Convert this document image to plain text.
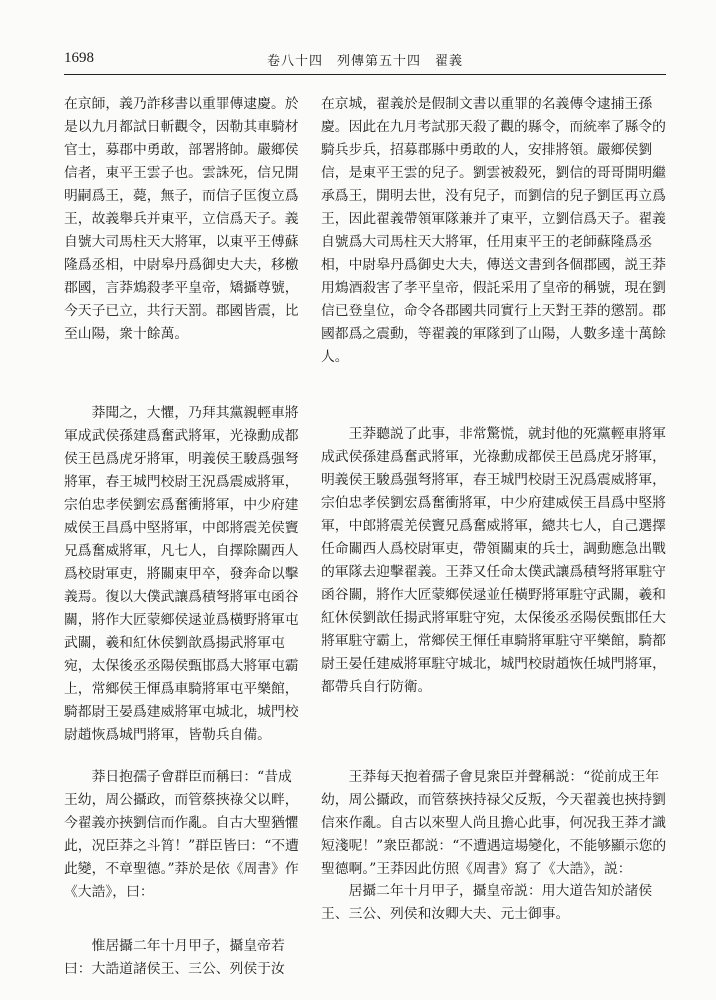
1698	卷八十四　列傳第五十四　翟義

在京師，義乃詐移書以重罪傳逮慶。於是以九月都試日斬觀令，因勒其車騎材官士，募郡中勇敢，部署將帥。嚴鄉侯信者，東平王雲子也。雲誅死，信兄開明嗣爲王，薨，無子，而信子匡復立爲王，故義舉兵并東平，立信爲天子。義自號大司馬柱天大將軍，以東平王傅蘇隆爲丞相，中尉皋丹爲御史大夫，移檄郡國，言莽鴆殺孝平皇帝，矯攝尊號，今天子已立，共行天罰。郡國皆震，比至山陽，衆十餘萬。

莽聞之，大懼，乃拜其黨親輕車將軍成武侯孫建爲奮武將軍，光祿勳成都侯王邑爲虎牙將軍，明義侯王駿爲强弩將軍，春王城門校尉王況爲震威將軍，宗伯忠孝侯劉宏爲奮衝將軍，中少府建威侯王昌爲中堅將軍，中郎將震羌侯竇兄爲奮威將軍，凡七人，自擇除關西人爲校尉軍吏，將關東甲卒，發奔命以擊義焉。復以大僕武讓爲積弩將軍屯函谷關，將作大匠蒙鄉侯逯並爲橫野將軍屯武關，羲和紅休侯劉歆爲揚武將軍屯宛，太保後丞丞陽侯甄邯爲大將軍屯霸上，常鄉侯王惲爲車騎將軍屯平樂館，騎都尉王晏爲建威將軍屯城北，城門校尉趙恢爲城門將軍，皆勒兵自備。

莽日抱孺子會群臣而稱曰：“昔成王幼，周公攝政，而管蔡挾祿父以畔，今翟義亦挾劉信而作亂。自古大聖猶懼此，况臣莽之斗筲！”群臣皆曰：“不遭此變，不章聖德。”莽於是依《周書》作《大誥》，曰：

惟居攝二年十月甲子，攝皇帝若曰：大誥道諸侯王、三公、列侯于汝

在京城，翟義於是假制文書以重罪的名義傳令逮捕王孫慶。因此在九月考試那天殺了觀的縣令，而統率了縣令的騎兵步兵，招募郡縣中勇敢的人，安排將領。嚴鄉侯劉信，是東平王雲的兒子。劉雲被殺死，劉信的哥哥開明繼承爲王，開明去世，没有兒子，而劉信的兒子劉匡再立爲王，因此翟義帶領軍隊兼并了東平，立劉信爲天子。翟義自號爲大司馬柱天大將軍，任用東平王的老師蘇隆爲丞相，中尉皋丹爲御史大夫，傳送文書到各個郡國，説王莽用鴆酒殺害了孝平皇帝，假託采用了皇帝的稱號，現在劉信已登皇位，命令各郡國共同實行上天對王莽的懲罰。郡國都爲之震動，等翟義的軍隊到了山陽，人數多達十萬餘人。

王莽聽説了此事，非常驚慌，就封他的死黨輕車將軍成武侯孫建爲奮武將軍，光祿勳成都侯王邑爲虎牙將軍，明義侯王駿爲强弩將軍，春王城門校尉王況爲震威將軍，宗伯忠孝侯劉宏爲奮衝將軍，中少府建威侯王昌爲中堅將軍，中郎將震羌侯竇兄爲奮威將軍，總共七人，自己選擇任命關西人爲校尉軍吏，帶領關東的兵士，調動應急出戰的軍隊去迎擊翟義。王莽又任命太僕武讓爲積弩將軍駐守函谷關，將作大匠蒙鄉侯逯並任橫野將軍駐守武關，羲和紅休侯劉歆任揚武將軍駐守宛，太保後丞丞陽侯甄邯任大將軍駐守霸上，常鄉侯王惲任車騎將軍駐守平樂館，騎都尉王晏任建威將軍駐守城北，城門校尉趙恢任城門將軍，都帶兵自行防衛。

王莽每天抱着孺子會見衆臣并聲稱説：“從前成王年幼，周公攝政，而管蔡挾持禄父反叛，今天翟義也挾持劉信來作亂。自古以來聖人尚且擔心此事，何况我王莽才識短淺呢！”衆臣都説：“不遭遇這場變化，不能够顯示您的聖德啊。”王莽因此仿照《周書》寫了《大誥》，説：

居攝二年十月甲子，攝皇帝説：用大道告知於諸侯王、三公、列侯和汝卿大夫、元士御事。
